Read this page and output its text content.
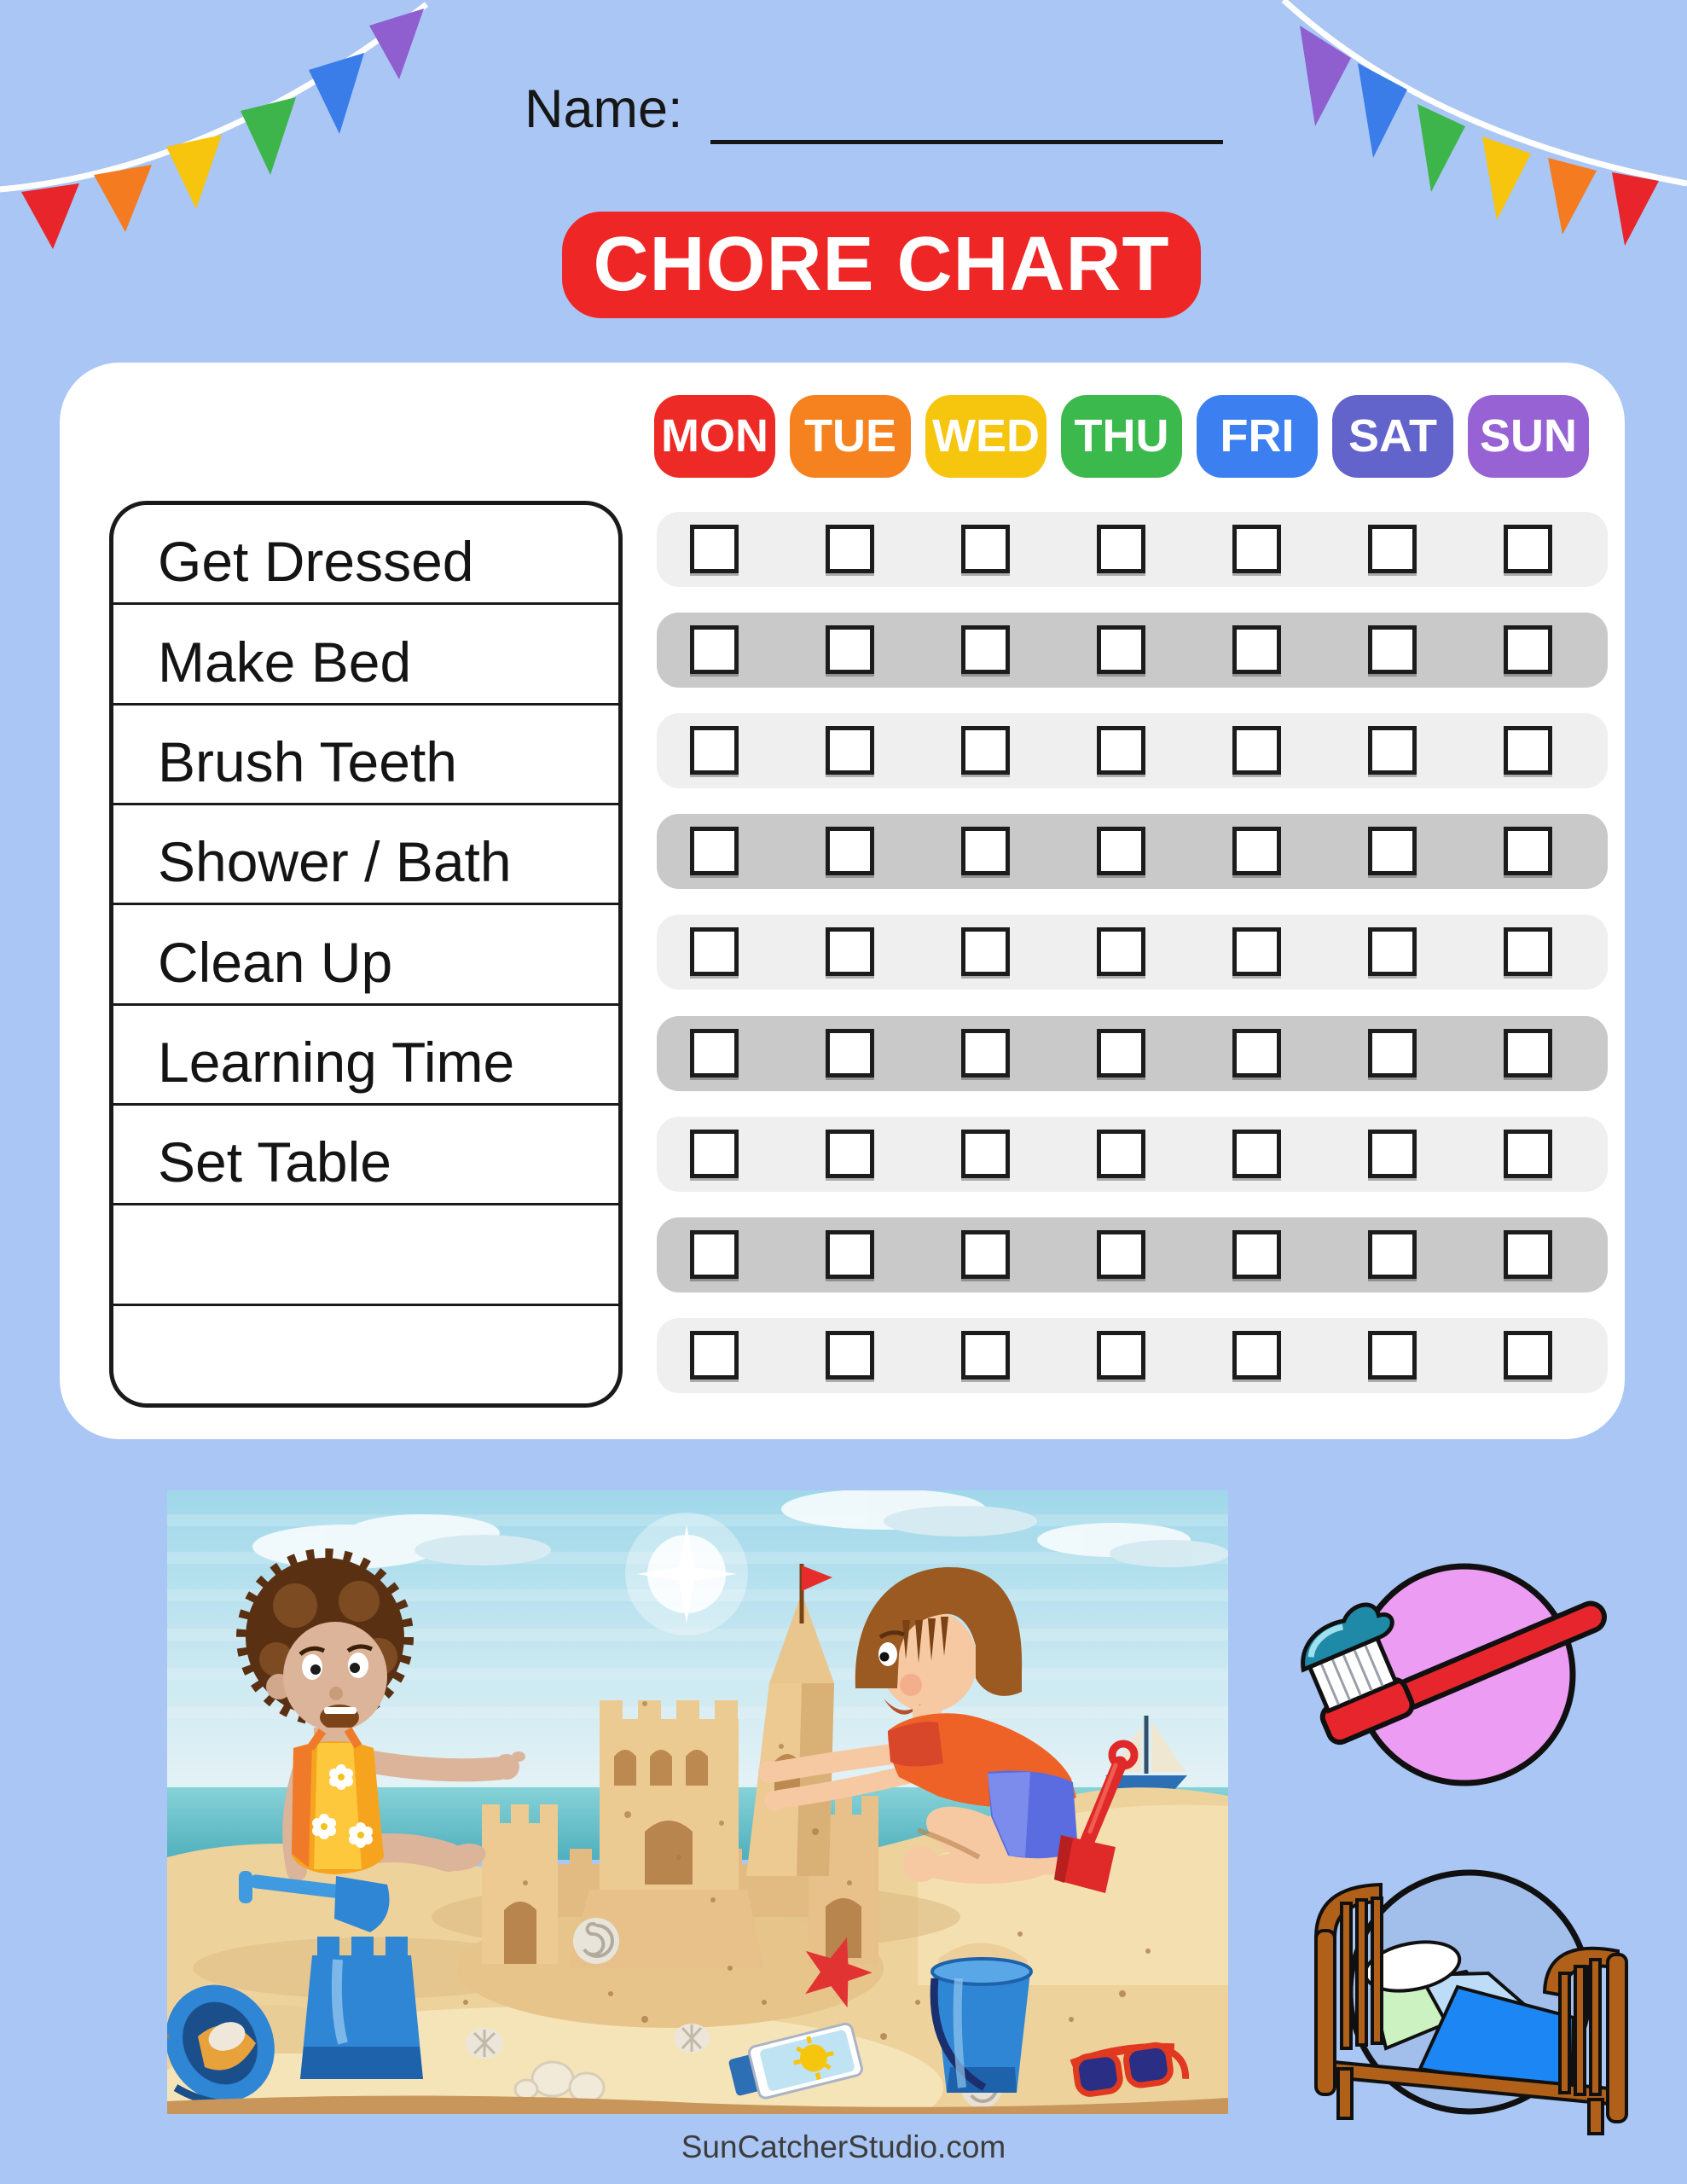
Name:
CHORE CHART
MON TUE WED THU	FRI	SAT SUN
Get Dressed
Make Bed
Brush Teeth
Shower / Bath
Clean Up
Learning Time
Set Table
SunCatcherStudio.com
